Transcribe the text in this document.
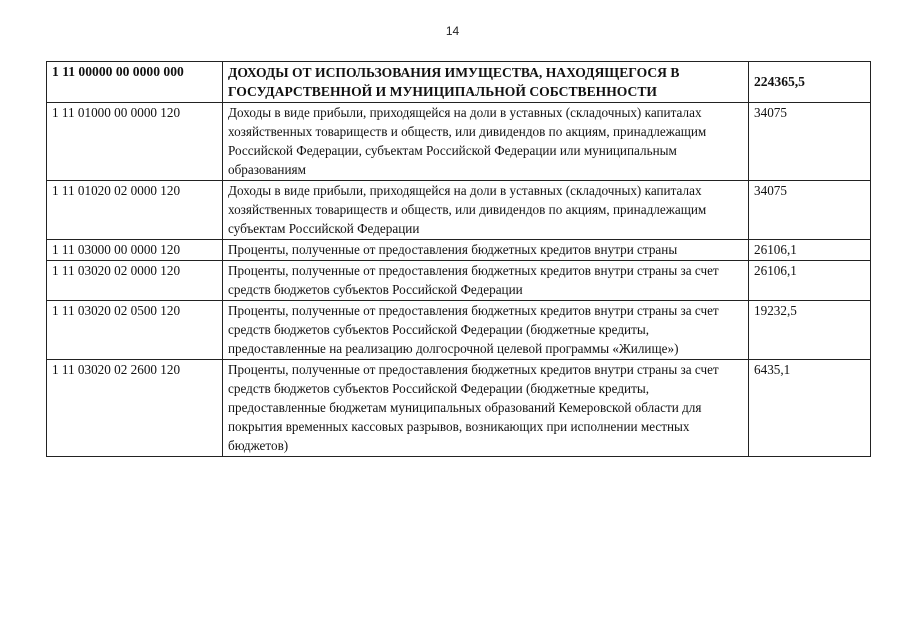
14
1 11 00000 00 0000 000	ДОХОДЫ ОТ ИСПОЛЬЗОВАНИЯ ИМУЩЕСТВА, НАХОДЯЩЕГОСЯ В ГОСУДАРСТВЕННОЙ И МУНИЦИПАЛЬНОЙ СОБСТВЕННОСТИ	224365,5
1 11 01000 00 0000 120	Доходы в виде прибыли, приходящейся на доли в уставных (складочных) капиталах хозяйственных товариществ и обществ, или дивидендов по акциям, принадлежащим Российской Федерации, субъектам Российской Федерации или муниципальным образованиям	34075
1 11 01020 02 0000 120	Доходы в виде прибыли, приходящейся на доли в уставных (складочных) капиталах хозяйственных товариществ и обществ, или дивидендов по акциям, принадлежащим субъектам Российской Федерации	34075
1 11 03000 00 0000 120	Проценты, полученные от предоставления бюджетных кредитов внутри страны	26106,1
1 11 03020 02 0000 120	Проценты, полученные от предоставления бюджетных кредитов внутри страны за счет средств бюджетов субъектов Российской Федерации	26106,1
1 11 03020 02 0500 120	Проценты, полученные от предоставления бюджетных кредитов внутри страны за счет средств бюджетов субъектов Российской Федерации (бюджетные кредиты, предоставленные на реализацию долгосрочной целевой программы «Жилище»)	19232,5
1 11 03020 02 2600 120	Проценты, полученные от предоставления бюджетных кредитов внутри страны за счет средств бюджетов субъектов Российской Федерации (бюджетные кредиты, предоставленные бюджетам муниципальных образований Кемеровской области для покрытия временных кассовых разрывов, возникающих при исполнении местных бюджетов)	6435,1
